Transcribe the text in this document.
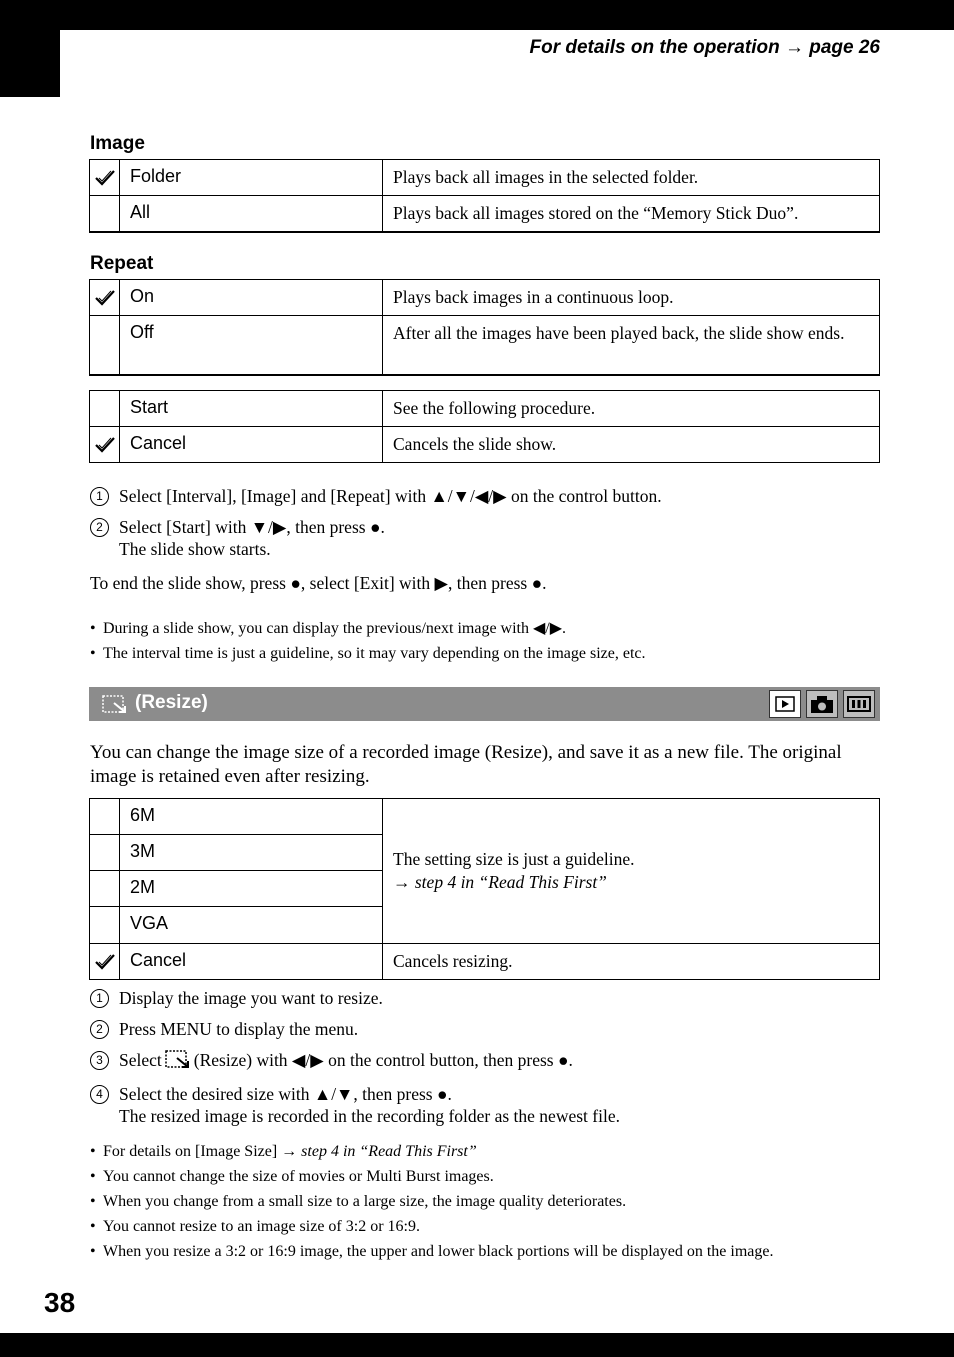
For details on the operation → page 26
Image
	Folder	Plays back all images in the selected folder.
	All	Plays back all images stored on the “Memory Stick Duo”.
Repeat
	On	Plays back images in a continuous loop.
	Off	After all the images have been played back, the slide show ends.
	Start	See the following procedure.

	Cancel	Cancels the slide show.
1 Select [Interval], [Image] and [Repeat] with ▲/▼/◀/▶ on the control button.
2 Select [Start] with ▼/▶, then press ●.
The slide show starts.
To end the slide show, press ●, select [Exit] with ▶, then press ●.
• During a slide show, you can display the previous/next image with ◀/▶.
• The interval time is just a guideline, so it may vary depending on the image size, etc.
(Resize)
You can change the image size of a recorded image (Resize), and save it as a new file. The original image is retained even after resizing.
	6M	The setting size is just a guideline.
→ step 4 in “Read This First”
	3M	
	2M	
	VGA	

	Cancel	Cancels resizing.
1 Display the image you want to resize.
2 Press MENU to display the menu.
3 Select (Resize) with ◀/▶ on the control button, then press ●.
4 Select the desired size with ▲/▼, then press ●.
The resized image is recorded in the recording folder as the newest file.
• For details on [Image Size] → step 4 in “Read This First”
• You cannot change the size of movies or Multi Burst images.
• When you change from a small size to a large size, the image quality deteriorates.
• You cannot resize to an image size of 3:2 or 16:9.
• When you resize a 3:2 or 16:9 image, the upper and lower black portions will be displayed on the image.
38
